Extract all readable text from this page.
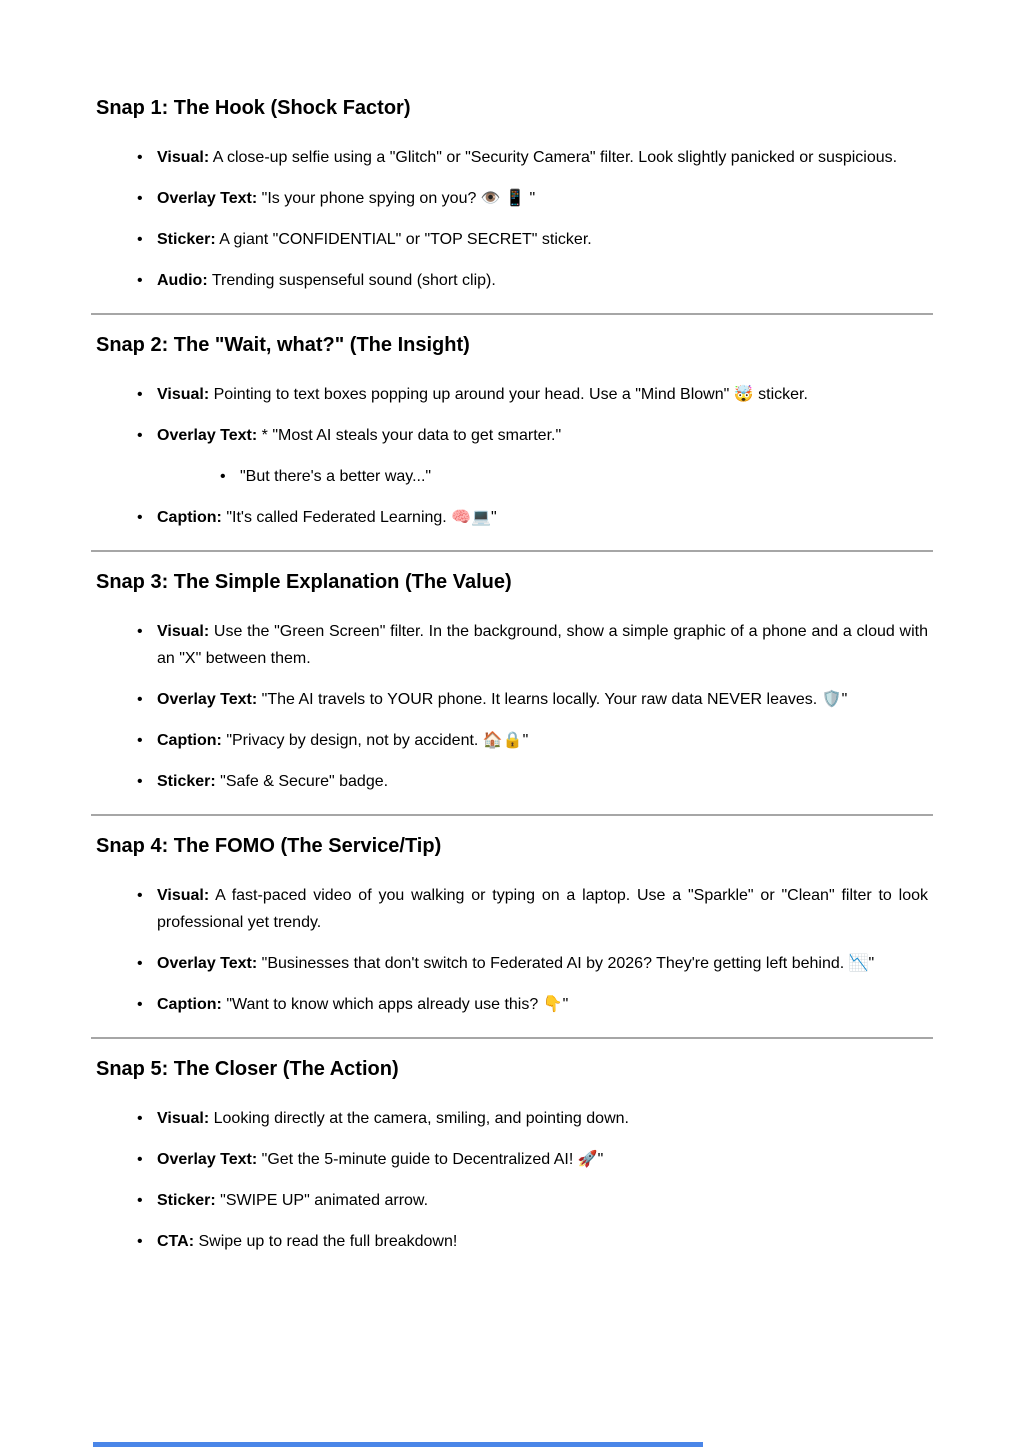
Snap 1: The Hook (Shock Factor)
• Visual: A close-up selfie using a "Glitch" or "Security Camera" filter. Look slightly panicked or suspicious.
• Overlay Text: "Is your phone spying on you? 👁️ 📱 "
• Sticker: A giant "CONFIDENTIAL" or "TOP SECRET" sticker.
• Audio: Trending suspenseful sound (short clip).
Snap 2: The "Wait, what?" (The Insight)
• Visual: Pointing to text boxes popping up around your head. Use a "Mind Blown" 🤯 sticker.
• Overlay Text: * "Most AI steals your data to get smarter."
• "But there's a better way..."
• Caption: "It's called Federated Learning. 🧠💻"
Snap 3: The Simple Explanation (The Value)
• Visual: Use the "Green Screen" filter. In the background, show a simple graphic of a phone and a cloud with an "X" between them.
• Overlay Text: "The AI travels to YOUR phone. It learns locally. Your raw data NEVER leaves. 🛡️"
• Caption: "Privacy by design, not by accident. 🏠🔒"
• Sticker: "Safe & Secure" badge.
Snap 4: The FOMO (The Service/Tip)
• Visual: A fast-paced video of you walking or typing on a laptop. Use a "Sparkle" or "Clean" filter to look professional yet trendy.
• Overlay Text: "Businesses that don't switch to Federated AI by 2026? They're getting left behind. 📉"
• Caption: "Want to know which apps already use this? 👇"
Snap 5: The Closer (The Action)
• Visual: Looking directly at the camera, smiling, and pointing down.
• Overlay Text: "Get the 5-minute guide to Decentralized AI! 🚀"
• Sticker: "SWIPE UP" animated arrow.
• CTA: Swipe up to read the full breakdown!
